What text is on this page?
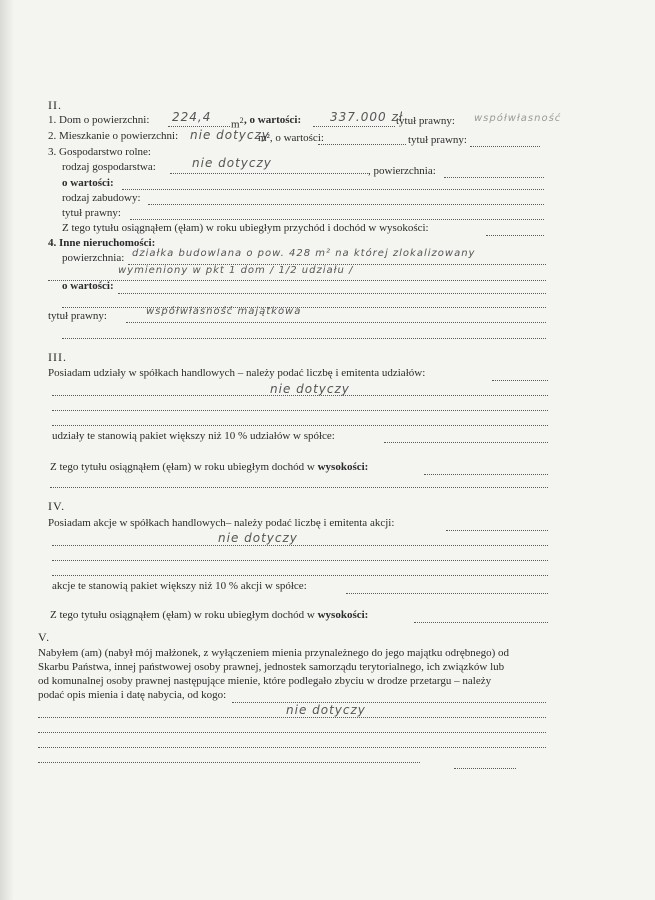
II.
1. Dom o powierzchni: 224,4
$m^2$ , o wartości: 337.000 zł
tytuł prawny: współwłasność
2. Mieszkanie o powierzchni: nie dotyczy
m², o wartości:	tytuł prawny:
3. Gospodarstwo rolne:
rodzaj gospodarstwa:	nie dotyczy
, powierzchnia:
o wartości:
rodzaj zabudowy:
tytuł prawny:
Z tego tytułu osiągnąłem (ęłam) w roku ubiegłym przychód i dochód w wysokości:
4. Inne nieruchomości:
powierzchnia: działka budowlana o pow. 428 m² na której zlokalizowany
wymieniony w pkt 1 dom / 1/2 udziału /
o wartości:
tytuł prawny:	współwłasność majątkowa
III.
Posiadam udziały w spółkach handlowych – należy podać liczbę i emitenta udziałów:
nie dotyczy
udziały te stanowią pakiet większy niż 10 % udziałów w spółce:
Z tego tytułu osiągnąłem (ęłam) w roku ubiegłym dochód w wysokości:
IV.
Posiadam akcje w spółkach handlowych– należy podać liczbę i emitenta akcji:
nie dotyczy
akcje te stanowią pakiet większy niż 10 % akcji w spółce:
Z tego tytułu osiągnąłem (ęłam) w roku ubiegłym dochód w wysokości:
V.
Nabyłem (am) (nabył mój małżonek, z wyłączeniem mienia przynależnego do jego majątku odrębnego) od
Skarbu Państwa, innej państwowej osoby prawnej, jednostek samorządu terytorialnego, ich związków lub
od komunalnej osoby prawnej następujące mienie, które podlegało zbyciu w drodze przetargu – należy
podać opis mienia i datę nabycia, od kogo:
nie dotyczy
